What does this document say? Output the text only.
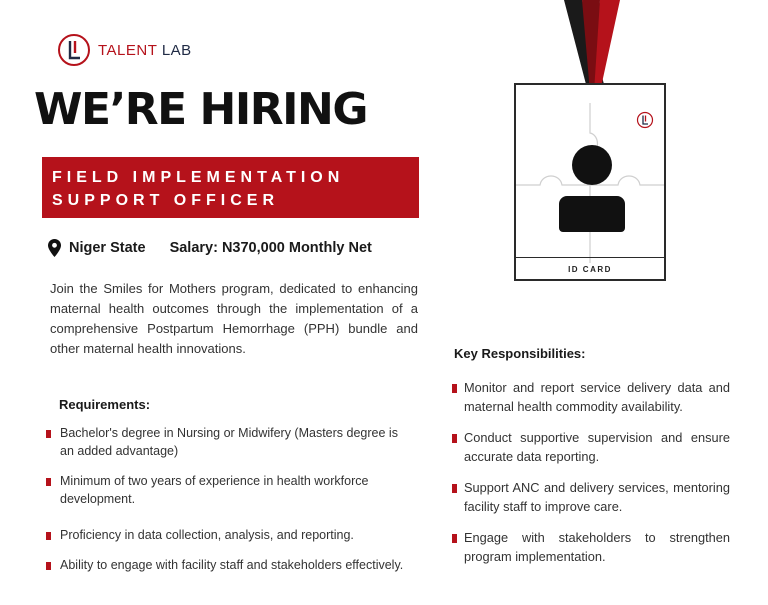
TALENT LAB
WE’RE HIRING
FIELD IMPLEMENTATION
SUPPORT OFFICER
Niger State Salary: N370,000 Monthly Net

Join the Smiles for Mothers program, dedicated to enhancing maternal health outcomes through the implementation of a comprehensive Postpartum Hemorrhage (PPH) bundle and other maternal health innovations.

Requirements:
Bachelor's degree in Nursing or Midwifery (Masters degree is an added advantage)
Minimum of two years of experience in health workforce development.
Proficiency in data collection, analysis, and reporting.
Ability to engage with facility staff and stakeholders effectively.
ID CARD
Key Responsibilities:
Monitor and report service delivery data and maternal health commodity availability.
Conduct supportive supervision and ensure accurate data reporting.
Support ANC and delivery services, mentoring facility staff to improve care.
Engage with stakeholders to strengthen program implementation.
